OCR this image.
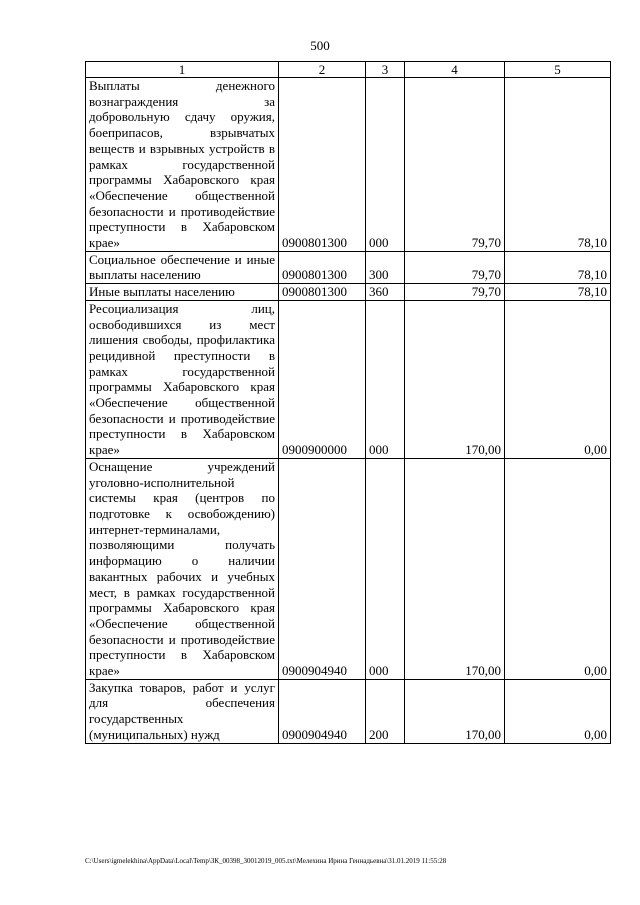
500
1	2	3	4	5
Выплаты денежного вознаграждения за добровольную сдачу оружия, боеприпасов, взрывчатых веществ и взрывных устройств в рамках государственной программы Хабаровского края «Обеспечение общественной безопасности и противодействие преступности в Хабаровском крае»	0900801300	000	79,70	78,10
Социальное обеспечение и иные выплаты населению	0900801300	300	79,70	78,10
Иные выплаты населению	0900801300	360	79,70	78,10
Ресоциализация лиц, освободившихся из мест лишения свободы, профилактика рецидивной преступности в рамках государственной программы Хабаровского края «Обеспечение общественной безопасности и противодействие преступности в Хабаровском крае»	0900900000	000	170,00	0,00
Оснащение учреждений уголовно-исполнительной системы края (центров по подготовке к освобождению) интернет-терминалами, позволяющими получать информацию о наличии вакантных рабочих и учебных мест, в рамках государственной программы Хабаровского края «Обеспечение общественной безопасности и противодействие преступности в Хабаровском крае»	0900904940	000	170,00	0,00
Закупка товаров, работ и услуг для обеспечения государственных (муниципальных) нужд	0900904940	200	170,00	0,00
C:\Users\igmelekhina\AppData\Local\Temp\ЗК_00398_30012019_005.txt\Мелехина Ирина Геннадьевна\31.01.2019 11:55:28
